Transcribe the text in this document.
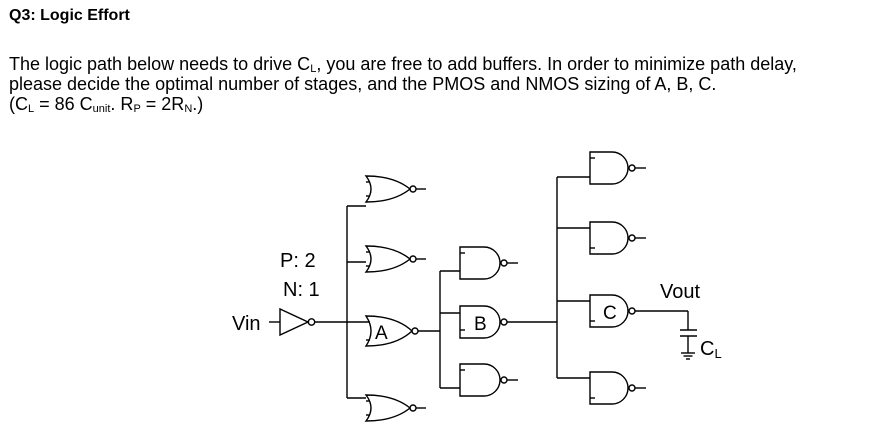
Q3: Logic Effort
The logic path below needs to drive $C_L$, you are free to add buffers. In order to minimize path delay,
please decide the optimal number of stages, and the PMOS and NMOS sizing of A, B, C.
($C_L = 86$ $C_{unit}$. $R_P = 2R_N$.)
P: 2
N: 1
Vin
Vout
A	B
C
CL
